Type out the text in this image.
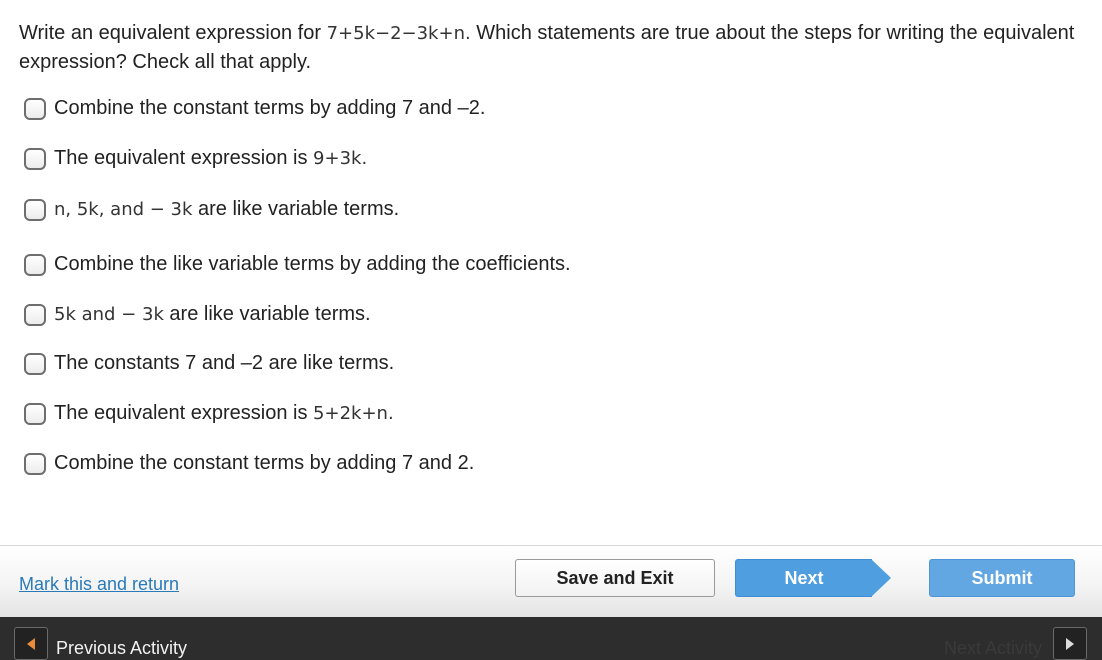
Write an equivalent expression for 7+5k−2−3k+n. Which statements are true about the steps for writing the equivalent expression? Check all that apply.
Combine the constant terms by adding 7 and –2.
The equivalent expression is
9+3k.
n, 5k, and − 3k are like variable terms.
Combine the like variable terms by adding the coefficients.
5k and − 3k are like variable terms.
The constants 7 and –2 are like terms.
The equivalent expression is
5+2k+n.
Combine the constant terms by adding 7 and 2.
Mark this and return	Save and Exit	Next	Submit
Previous Activity	Next Activity
